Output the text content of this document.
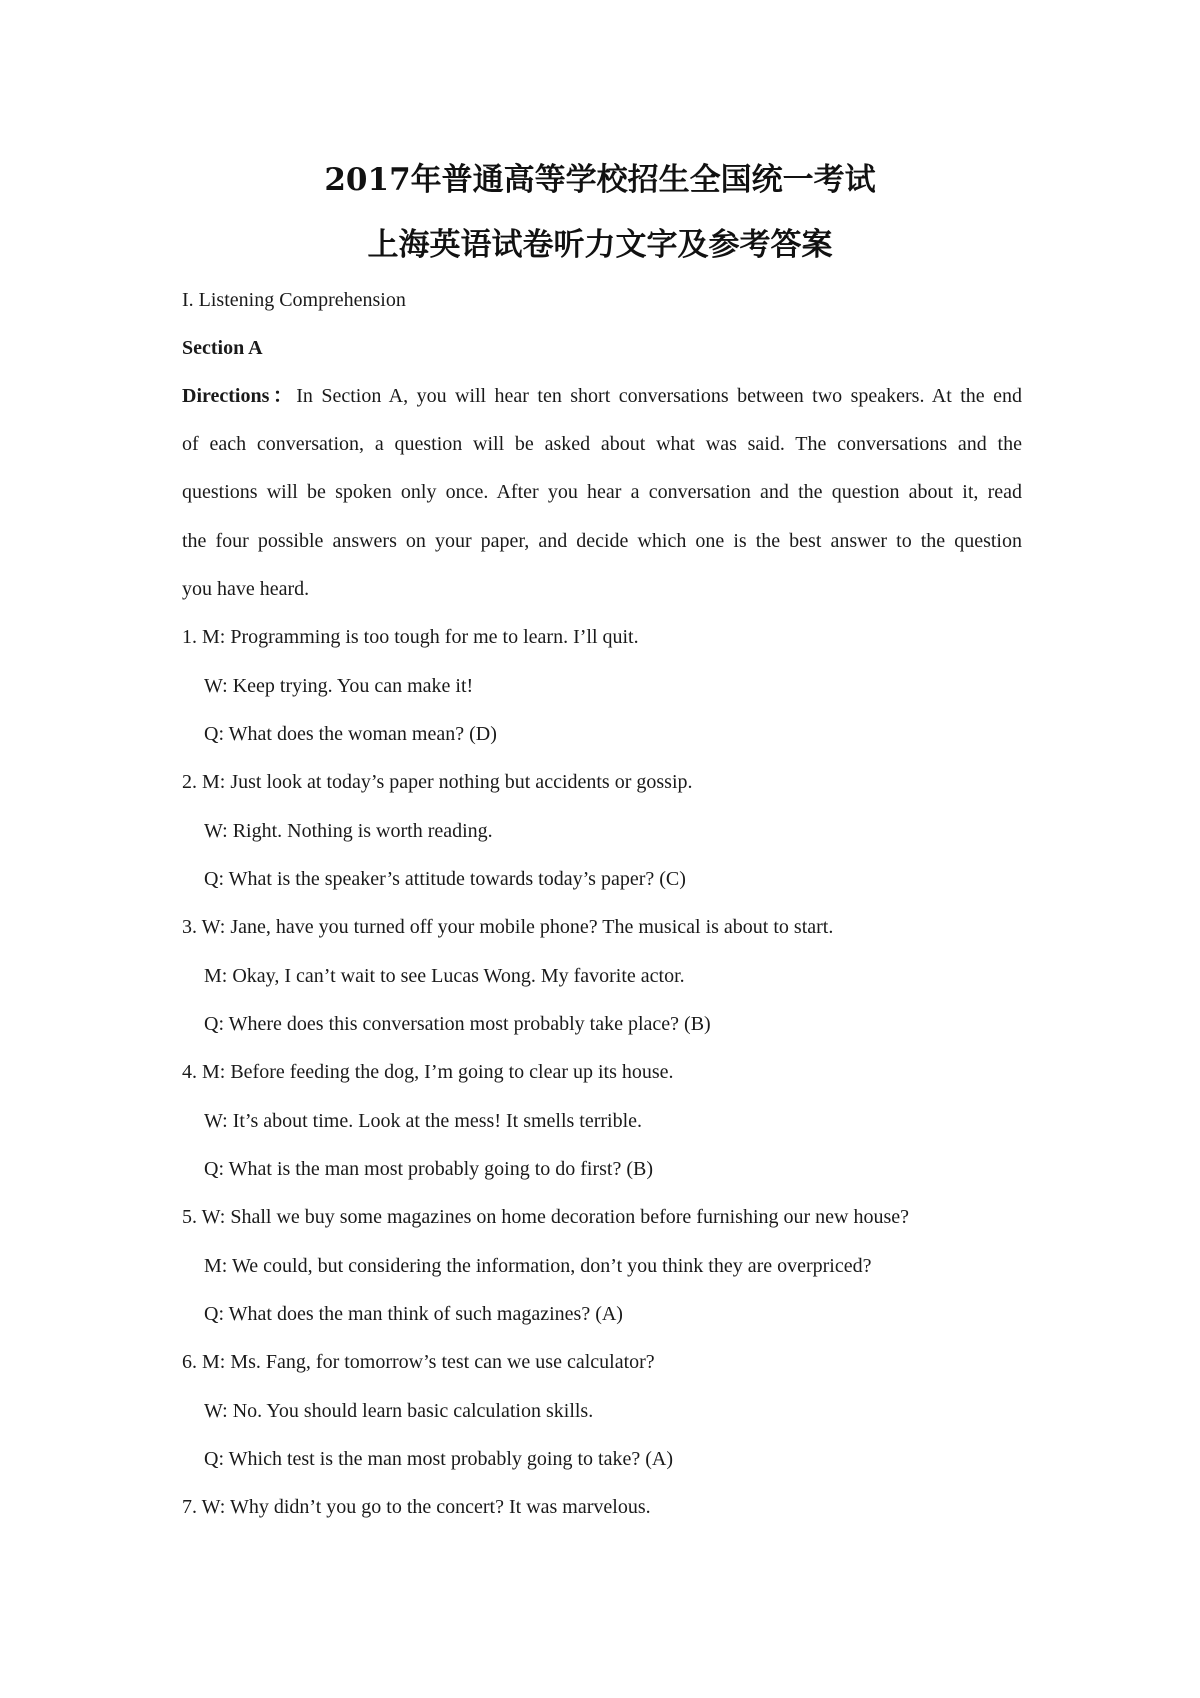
2017年普通高等学校招生全国统一考试
上海英语试卷听力文字及参考答案
I. Listening Comprehension
Section A
Directions：In Section A, you will hear ten short conversations between two speakers. At the end
of each conversation, a question will be asked about what was said. The conversations and the
questions will be spoken only once. After you hear a conversation and the question about it, read
the four possible answers on your paper, and decide which one is the best answer to the question
you have heard.
1. M: Programming is too tough for me to learn. I’ll quit.
W: Keep trying. You can make it!
Q: What does the woman mean? (D)
2. M: Just look at today’s paper nothing but accidents or gossip.
W: Right. Nothing is worth reading.
Q: What is the speaker’s attitude towards today’s paper? (C)
3. W: Jane, have you turned off your mobile phone? The musical is about to start.
M: Okay, I can’t wait to see Lucas Wong. My favorite actor.
Q: Where does this conversation most probably take place? (B)
4. M: Before feeding the dog, I’m going to clear up its house.
W: It’s about time. Look at the mess! It smells terrible.
Q: What is the man most probably going to do first? (B)
5. W: Shall we buy some magazines on home decoration before furnishing our new house?
M: We could, but considering the information, don’t you think they are overpriced?
Q: What does the man think of such magazines? (A)
6. M: Ms. Fang, for tomorrow’s test can we use calculator?
W: No. You should learn basic calculation skills.
Q: Which test is the man most probably going to take? (A)
7. W: Why didn’t you go to the concert? It was marvelous.
